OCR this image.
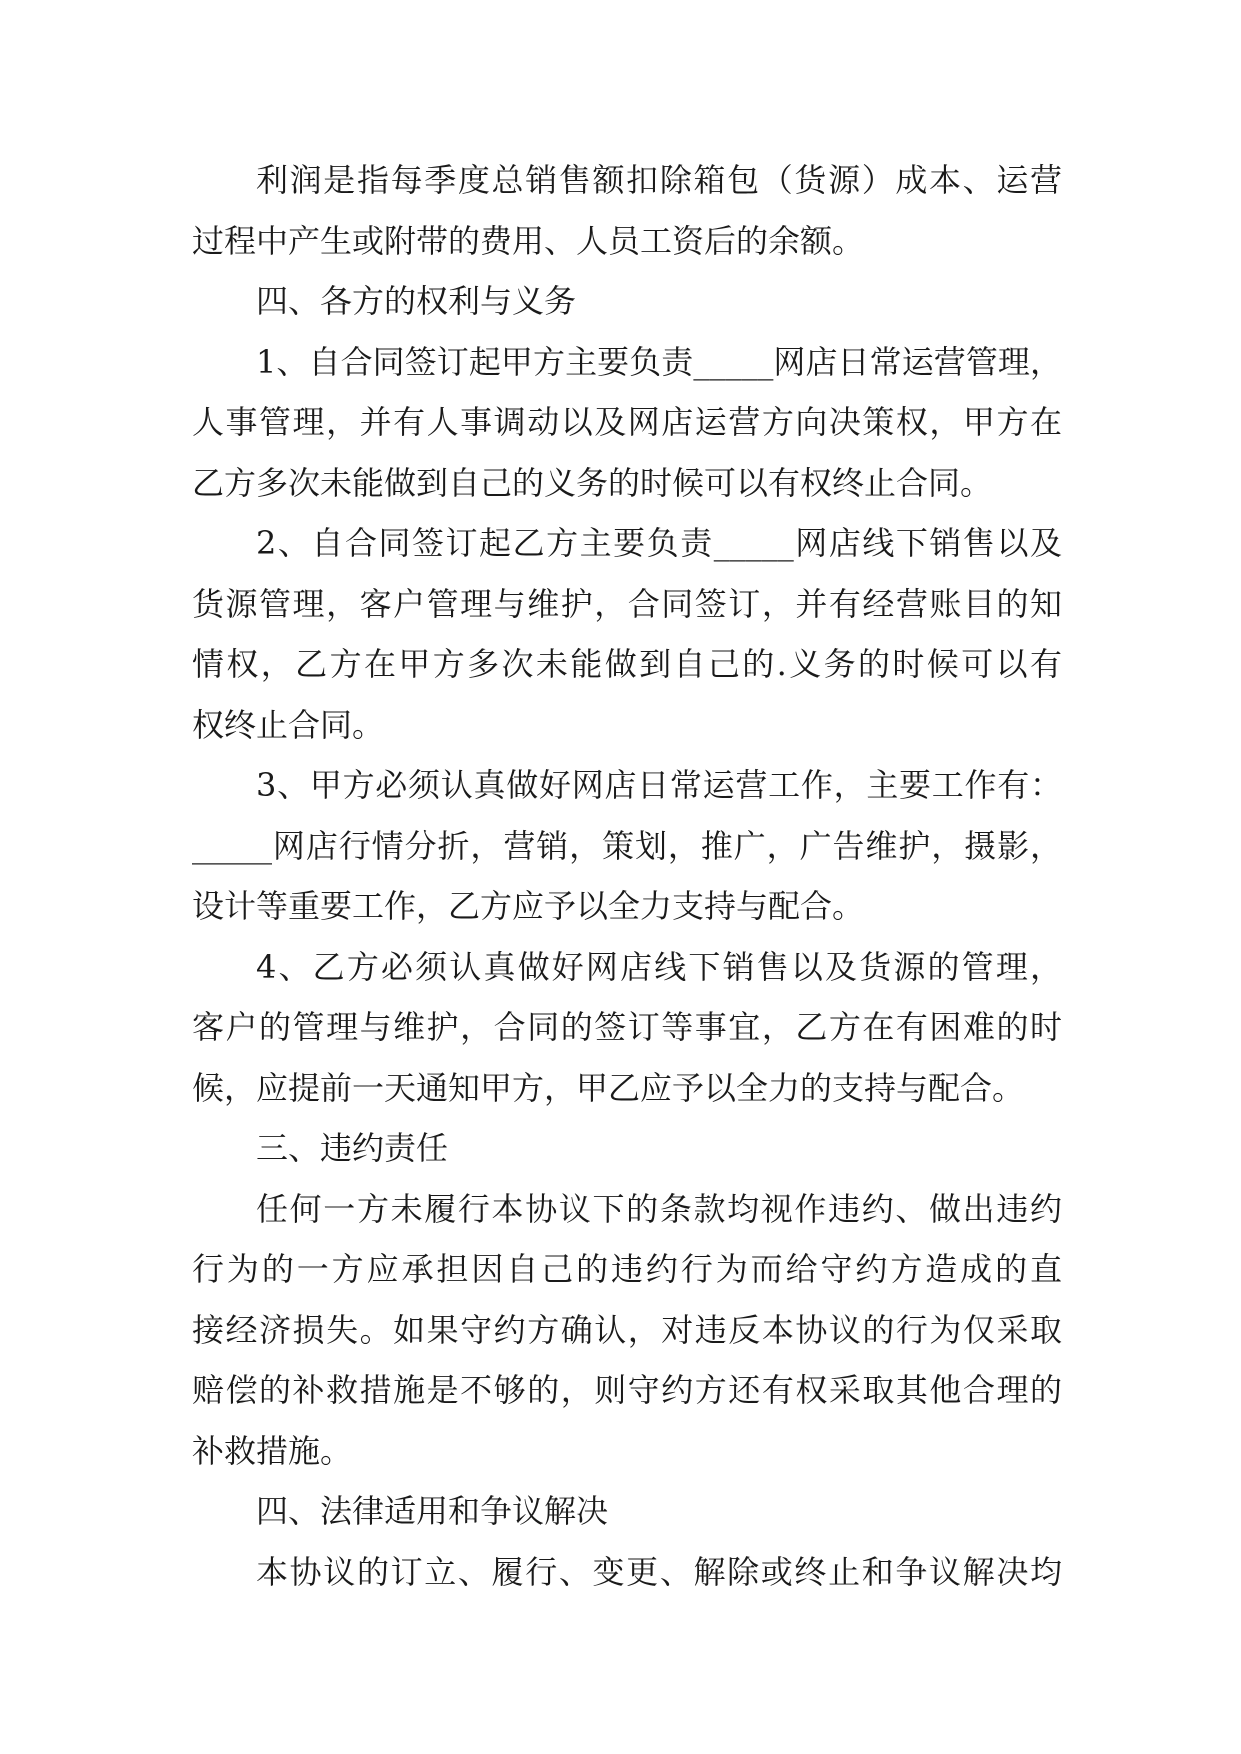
利润是指每季度总销售额扣除箱包（货源）成本、运营
过程中产生或附带的费用、人员工资后的余额。
四、各方的权利与义务
1、自合同签订起甲方主要负责_____网店日常运营管理，
人事管理，并有人事调动以及网店运营方向决策权，甲方在
乙方多次未能做到自己的义务的时候可以有权终止合同。
2、自合同签订起乙方主要负责_____网店线下销售以及
货源管理，客户管理与维护，合同签订，并有经营账目的知
情权，乙方在甲方多次未能做到自己的.义务的时候可以有
权终止合同。
3、甲方必须认真做好网店日常运营工作，主要工作有：
_____网店行情分折，营销，策划，推广，广告维护，摄影，
设计等重要工作，乙方应予以全力支持与配合。
4、乙方必须认真做好网店线下销售以及货源的管理，
客户的管理与维护，合同的签订等事宜，乙方在有困难的时
候，应提前一天通知甲方，甲乙应予以全力的支持与配合。
三、违约责任
任何一方未履行本协议下的条款均视作违约、做出违约
行为的一方应承担因自己的违约行为而给守约方造成的直
接经济损失。如果守约方确认，对违反本协议的行为仅采取
赔偿的补救措施是不够的，则守约方还有权采取其他合理的
补救措施。
四、法律适用和争议解决
本协议的订立、履行、变更、解除或终止和争议解决均
